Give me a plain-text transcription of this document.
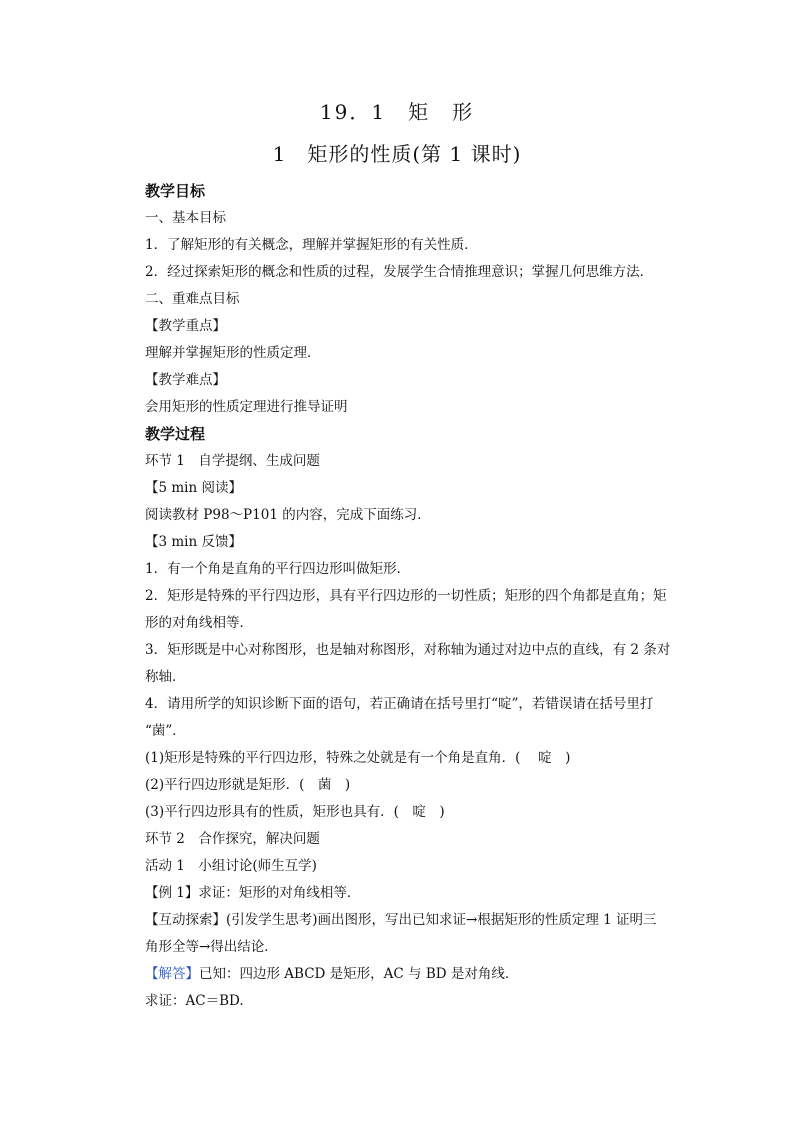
19．1　矩　形
1　矩形的性质(第 1 课时)
教学目标
一、基本目标
1．了解矩形的有关概念，理解并掌握矩形的有关性质．
2．经过探索矩形的概念和性质的过程，发展学生合情推理意识；掌握几何思维方法．
二、重难点目标
【教学重点】
理解并掌握矩形的性质定理．
【教学难点】
会用矩形的性质定理进行推导证明
教学过程
环节 1　自学提纲、生成问题
【5 min 阅读】
阅读教材 P98～P101 的内容，完成下面练习．
【3 min 反馈】
1．有一个角是直角的平行四边形叫做矩形．
2．矩形是特殊的平行四边形，具有平行四边形的一切性质；矩形的四个角都是直角；矩
形的对角线相等．
3．矩形既是中心对称图形，也是轴对称图形，对称轴为通过对边中点的直线，有 2 条对
称轴．
4．请用所学的知识诊断下面的语句，若正确请在括号里打“啶”，若错误请在括号里打
“菌”．
(1)矩形是特殊的平行四边形，特殊之处就是有一个角是直角．(　 啶　)
(2)平行四边形就是矩形．(　菌　)
(3)平行四边形具有的性质，矩形也具有．(　啶　)
环节 2　合作探究，解决问题
活动 1　小组讨论(师生互学)
【例 1】求证：矩形的对角线相等．
【互动探索】(引发学生思考)画出图形，写出已知求证→根据矩形的性质定理 1 证明三
角形全等→得出结论．
【解答】已知：四边形 ABCD 是矩形，AC 与 BD 是对角线．
求证：AC＝BD.
